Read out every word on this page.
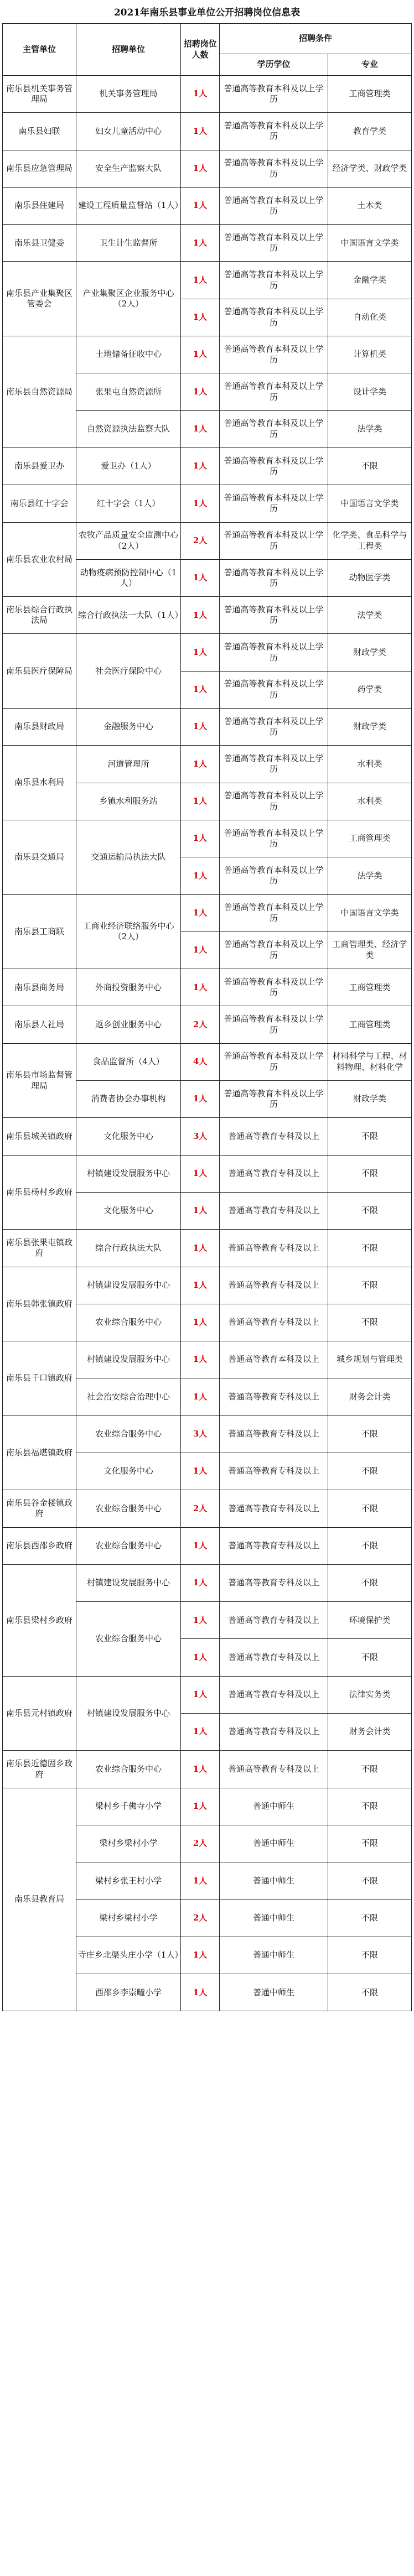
2021年南乐县事业单位公开招聘岗位信息表
主管单位	招聘单位	招聘岗位人数	招聘条件	
			学历学位	专业
南乐县机关事务管理局	机关事务管理局	1人	普通高等教育本科及以上学历	工商管理类
南乐县妇联	妇女儿童活动中心	1人	普通高等教育本科及以上学历	教育学类
南乐县应急管理局	安全生产监察大队	1人	普通高等教育本科及以上学历	经济学类、财政学类
南乐县住建局	建设工程质量监督站（1人）	1人	普通高等教育本科及以上学历	土木类
南乐县卫健委	卫生计生监督所	1人	普通高等教育本科及以上学历	中国语言文学类
南乐县产业集聚区管委会	产业集聚区企业服务中心（2人）	1人	普通高等教育本科及以上学历	金融学类
		1人	普通高等教育本科及以上学历	自动化类
南乐县自然资源局	土地储备征收中心	1人	普通高等教育本科及以上学历	计算机类
	张果屯自然资源所	1人	普通高等教育本科及以上学历	设计学类
	自然资源执法监察大队	1人	普通高等教育本科及以上学历	法学类
南乐县爱卫办	爱卫办（1人）	1人	普通高等教育本科及以上学历	不限
南乐县红十字会	红十字会（1人）	1人	普通高等教育本科及以上学历	中国语言文学类
南乐县农业农村局	农牧产品质量安全监测中心（2人）	2人	普通高等教育本科及以上学历	化学类、食品科学与工程类
	动物疫病预防控制中心（1人）	1人	普通高等教育本科及以上学历	动物医学类
南乐县综合行政执法局	综合行政执法一大队（1人）	1人	普通高等教育本科及以上学历	法学类
南乐县医疗保障局	社会医疗保险中心	1人	普通高等教育本科及以上学历	财政学类
		1人	普通高等教育本科及以上学历	药学类
南乐县财政局	金融服务中心	1人	普通高等教育本科及以上学历	财政学类
南乐县水利局	河道管理所	1人	普通高等教育本科及以上学历	水利类
	乡镇水利服务站	1人	普通高等教育本科及以上学历	水利类
南乐县交通局	交通运输局执法大队	1人	普通高等教育本科及以上学历	工商管理类
		1人	普通高等教育本科及以上学历	法学类
南乐县工商联	工商业经济联络服务中心（2人）	1人	普通高等教育本科及以上学历	中国语言文学类
		1人	普通高等教育本科及以上学历	工商管理类、经济学类
南乐县商务局	外商投资服务中心	1人	普通高等教育本科及以上学历	工商管理类
南乐县人社局	返乡创业服务中心	2人	普通高等教育本科及以上学历	工商管理类
南乐县市场监督管理局	食品监督所（4人）	4人	普通高等教育本科及以上学历	材料科学与工程、材料物理、材料化学
	消费者协会办事机构	1人	普通高等教育本科及以上学历	财政学类
南乐县城关镇政府	文化服务中心	3人	普通高等教育专科及以上	不限
南乐县杨村乡政府	村镇建设发展服务中心	1人	普通高等教育专科及以上	不限
	文化服务中心	1人	普通高等教育专科及以上	不限
南乐县张果屯镇政府	综合行政执法大队	1人	普通高等教育专科及以上	不限
南乐县韩张镇政府	村镇建设发展服务中心	1人	普通高等教育专科及以上	不限
	农业综合服务中心	1人	普通高等教育专科及以上	不限
南乐县千口镇政府	村镇建设发展服务中心	1人	普通高等教育本科及以上	城乡规划与管理类
	社会治安综合治理中心	1人	普通高等教育专科及以上	财务会计类
南乐县福堪镇政府	农业综合服务中心	3人	普通高等教育专科及以上	不限
	文化服务中心	1人	普通高等教育专科及以上	不限
南乐县谷金楼镇政府	农业综合服务中心	2人	普通高等教育专科及以上	不限
南乐县西邵乡政府	农业综合服务中心	1人	普通高等教育专科及以上	不限
南乐县梁村乡政府	村镇建设发展服务中心	1人	普通高等教育专科及以上	不限
	农业综合服务中心	1人	普通高等教育专科及以上	环境保护类
		1人	普通高等教育专科及以上	不限
南乐县元村镇政府	村镇建设发展服务中心	1人	普通高等教育专科及以上	法律实务类
		1人	普通高等教育专科及以上	财务会计类
南乐县近德固乡政府	农业综合服务中心	1人	普通高等教育专科及以上	不限
南乐县教育局	梁村乡千佛寺小学	1人	普通中师生	不限
	梁村乡梁村小学	2人	普通中师生	不限
	梁村乡张王村小学	1人	普通中师生	不限
	梁村乡梁村小学	2人	普通中师生	不限
	寺庄乡北渠头庄小学（1人）	1人	普通中师生	不限
	西邵乡李崇疃小学	1人	普通中师生	不限
